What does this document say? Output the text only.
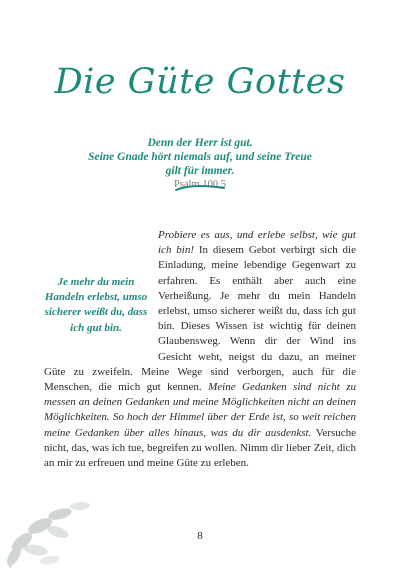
Die Güte Gottes
Denn der Herr ist gut.
Seine Gnade hört niemals auf, und seine Treue
gilt für immer.
Psalm 100,5
Je mehr du mein Handeln erlebst, umso sicherer weißt du, dass ich gut bin.

Probiere es aus, und erlebe selbst, wie gut ich bin! In diesem Gebot verbirgt sich die Einladung, meine lebendige Gegenwart zu erfahren. Es enthält aber auch eine Verheißung. Je mehr du mein Handeln erlebst, umso sicherer weißt du, dass ich gut bin. Dieses Wissen ist wichtig für deinen Glaubensweg. Wenn dir der Wind ins Gesicht weht, neigst du dazu, an meiner Güte zu zweifeln. Meine Wege sind verborgen, auch für die Menschen, die mich gut kennen. Meine Gedanken sind nicht zu messen an deinen Gedanken und meine Möglichkeiten nicht an deinen Möglichkeiten. So hoch der Himmel über der Erde ist, so weit reichen meine Gedanken über alles hinaus, was du dir ausdenkst. Versuche nicht, das, was ich tue, begreifen zu wollen. Nimm dir lieber Zeit, dich an mir zu erfreuen und meine Güte zu erleben.

8
